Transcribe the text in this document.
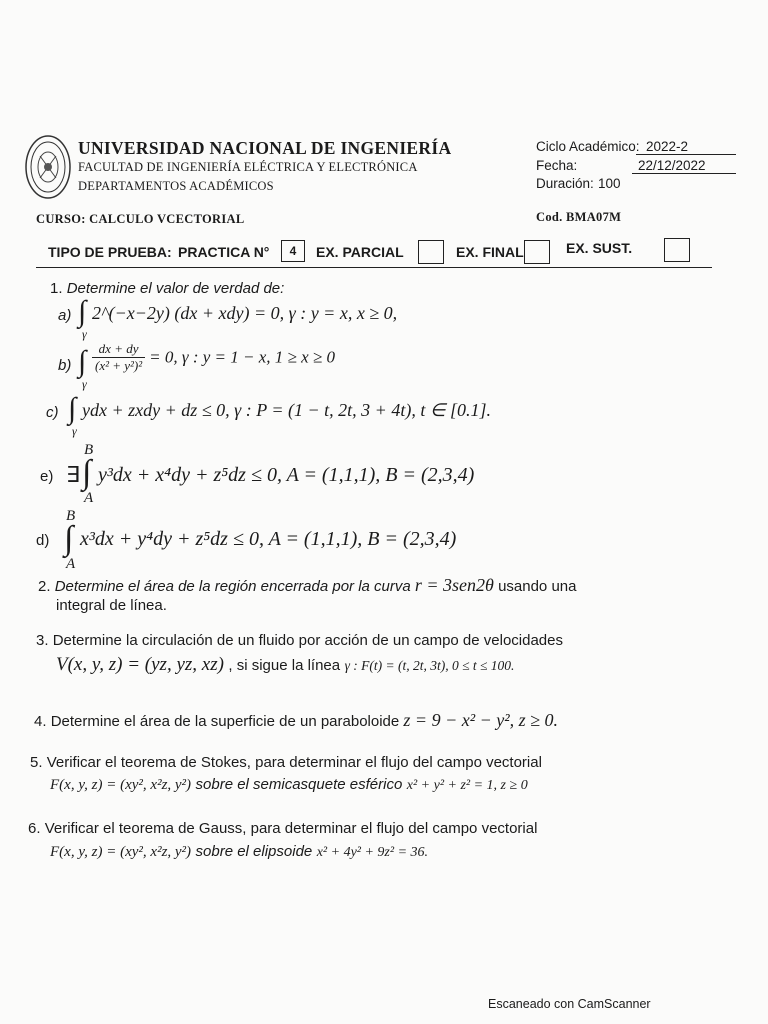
UNIVERSIDAD NACIONAL DE INGENIERÍA
FACULTAD DE INGENIERÍA ELÉCTRICA Y ELECTRÓNICA
DEPARTAMENTOS ACADÉMICOS
Ciclo Académico: 2022-2
Fecha:	22/12/2022
Duración: 100
CURSO: CALCULO VCECTORIAL	Cod. BMA07M
TIPO DE PRUEBA: PRACTICA N°	4	EX. PARCIAL	EX. FINAL	EX. SUST.
1. Determine el valor de verdad de:
a) ∫
γ
2^(−x−2y) (dx + xdy) = 0, γ : y = x, x ≥ 0,
b) ∫
γ
$\frac{dx + dy}{\text{(x² + y²)²}} = 0$, γ : y = 1 − x, 1 ≥ x ≥ 0
c) ∫
γ
ydx + zxdy + dz ≤ 0, γ : P = (1 − t, 2t, 3 + 4t), t ∈ [0.1].
e) ∃
B
∫
A
y³dx + x⁴dy + z⁵dz ≤ 0, A = (1,1,1), B = (2,3,4)
d)
B
∫
A
x³dx + y⁴dy + z⁵dz ≤ 0, A = (1,1,1), B = (2,3,4)
2. Determine el área de la región encerrada por la curva r = 3sen2θ usando una
integral de línea.
3. Determine la circulación de un fluido por acción de un campo de velocidades
V(x, y, z) = (yz, yz, xz) , si sigue la línea γ : F(t) = (t, 2t, 3t), 0 ≤ t ≤ 100.
4. Determine el área de la superficie de un paraboloide z = 9 − x² − y², z ≥ 0.
5. Verificar el teorema de Stokes, para determinar el flujo del campo vectorial
F(x, y, z) = (xy², x²z, y²) sobre el semicasquete esférico x² + y² + z² = 1, z ≥ 0
6. Verificar el teorema de Gauss, para determinar el flujo del campo vectorial
F(x, y, z) = (xy², x²z, y²) sobre el elipsoide x² + 4y² + 9z² = 36.
Escaneado con CamScanner
